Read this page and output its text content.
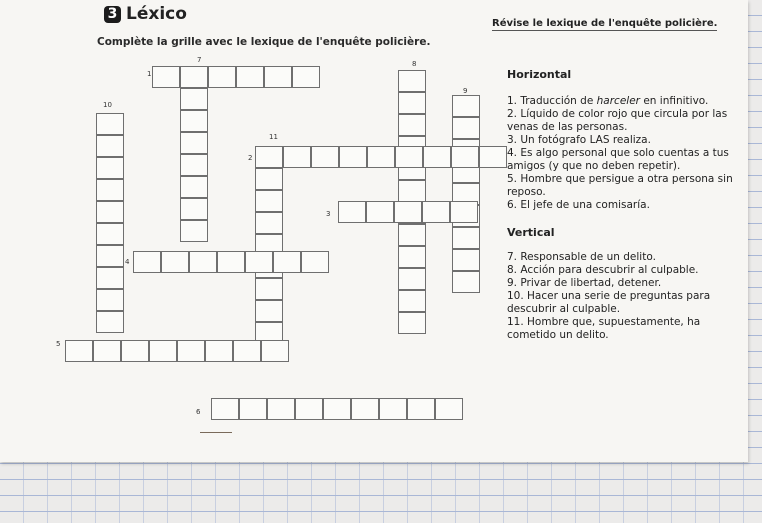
3 Léxico	Révise le lexique de l'enquête policière.
Complète la grille avec le lexique de l'enquête policière.
1
2
3
4
5
6
7	8
9
10
11
Horizontal
1. Traducción de harceler en infinitivo.
2. Líquido de color rojo que circula por las venas de las personas.
3. Un fotógrafo LAS realiza.
4. Es algo personal que solo cuentas a tus amigos (y que no deben repetir).
5. Hombre que persigue a otra persona sin reposo.
6. El jefe de una comisaría.
Vertical
7. Responsable de un delito.
8. Acción para descubrir al culpable.
9. Privar de libertad, detener.
10. Hacer una serie de preguntas para descubrir al culpable.
11. Hombre que, supuestamente, ha cometido un delito.
